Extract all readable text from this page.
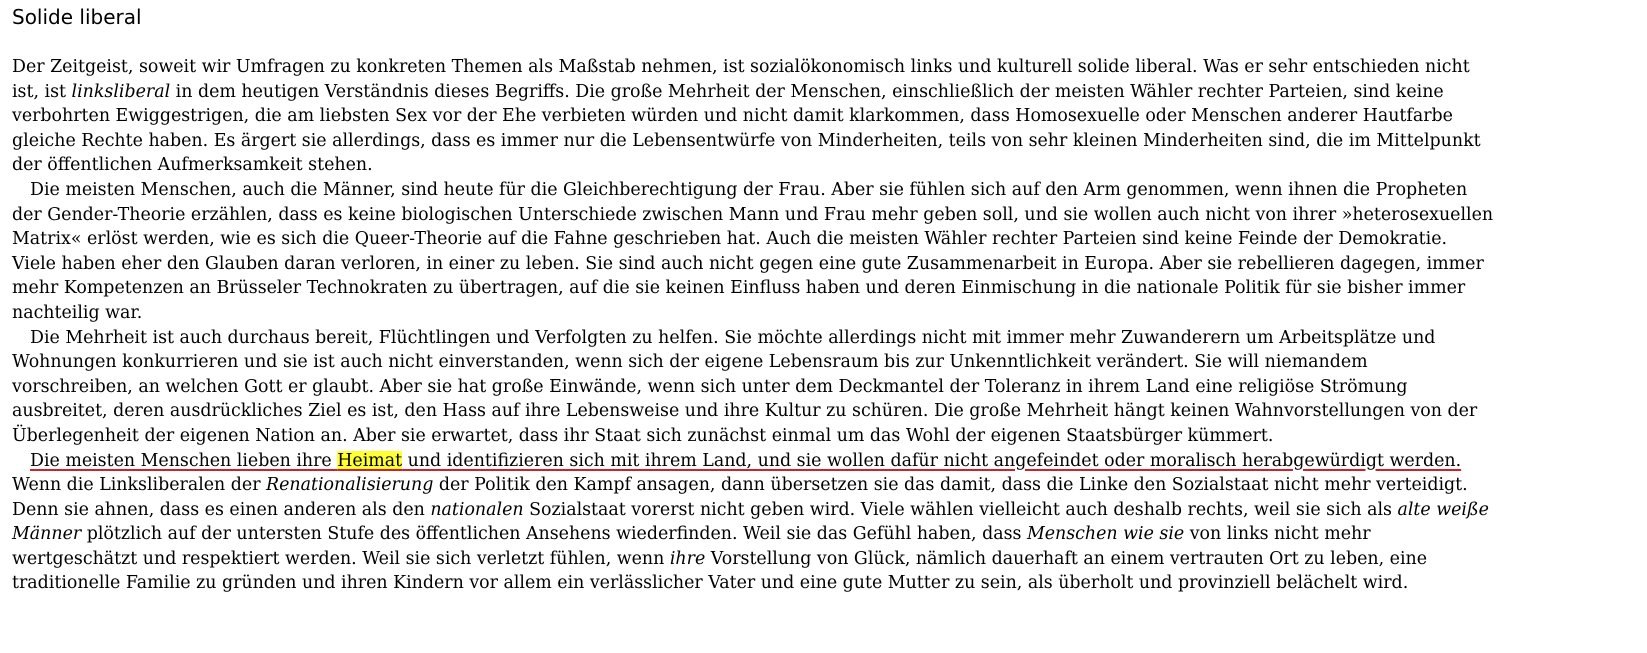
Solide liberal

Der Zeitgeist, soweit wir Umfragen zu konkreten Themen als Maßstab nehmen, ist sozialökonomisch links und kulturell solide liberal. Was er sehr entschieden nicht

ist, ist linksliberal in dem heutigen Verständnis dieses Begriffs. Die große Mehrheit der Menschen, einschließlich der meisten Wähler rechter Parteien, sind keine

verbohrten Ewiggestrigen, die am liebsten Sex vor der Ehe verbieten würden und nicht damit klarkommen, dass Homosexuelle oder Menschen anderer Hautfarbe

gleiche Rechte haben. Es ärgert sie allerdings, dass es immer nur die Lebensentwürfe von Minderheiten, teils von sehr kleinen Minderheiten sind, die im Mittelpunkt

der öffentlichen Aufmerksamkeit stehen.

Die meisten Menschen, auch die Männer, sind heute für die Gleichberechtigung der Frau. Aber sie fühlen sich auf den Arm genommen, wenn ihnen die Propheten

der Gender-Theorie erzählen, dass es keine biologischen Unterschiede zwischen Mann und Frau mehr geben soll, und sie wollen auch nicht von ihrer »heterosexuellen

Matrix« erlöst werden, wie es sich die Queer-Theorie auf die Fahne geschrieben hat. Auch die meisten Wähler rechter Parteien sind keine Feinde der Demokratie.

Viele haben eher den Glauben daran verloren, in einer zu leben. Sie sind auch nicht gegen eine gute Zusammenarbeit in Europa. Aber sie rebellieren dagegen, immer

mehr Kompetenzen an Brüsseler Technokraten zu übertragen, auf die sie keinen Einfluss haben und deren Einmischung in die nationale Politik für sie bisher immer

nachteilig war.

Die Mehrheit ist auch durchaus bereit, Flüchtlingen und Verfolgten zu helfen. Sie möchte allerdings nicht mit immer mehr Zuwanderern um Arbeitsplätze und

Wohnungen konkurrieren und sie ist auch nicht einverstanden, wenn sich der eigene Lebensraum bis zur Unkenntlichkeit verändert. Sie will niemandem

vorschreiben, an welchen Gott er glaubt. Aber sie hat große Einwände, wenn sich unter dem Deckmantel der Toleranz in ihrem Land eine religiöse Strömung

ausbreitet, deren ausdrückliches Ziel es ist, den Hass auf ihre Lebensweise und ihre Kultur zu schüren. Die große Mehrheit hängt keinen Wahnvorstellungen von der

Überlegenheit der eigenen Nation an. Aber sie erwartet, dass ihr Staat sich zunächst einmal um das Wohl der eigenen Staatsbürger kümmert.

Die meisten Menschen lieben ihre Heimat und identifizieren sich mit ihrem Land, und sie wollen dafür nicht angefeindet oder moralisch herabgewürdigt werden.

Wenn die Linksliberalen der Renationalisierung der Politik den Kampf ansagen, dann übersetzen sie das damit, dass die Linke den Sozialstaat nicht mehr verteidigt.

Denn sie ahnen, dass es einen anderen als den nationalen Sozialstaat vorerst nicht geben wird. Viele wählen vielleicht auch deshalb rechts, weil sie sich als alte weiße

Männer plötzlich auf der untersten Stufe des öffentlichen Ansehens wiederfinden. Weil sie das Gefühl haben, dass Menschen wie sie von links nicht mehr

wertgeschätzt und respektiert werden. Weil sie sich verletzt fühlen, wenn ihre Vorstellung von Glück, nämlich dauerhaft an einem vertrauten Ort zu leben, eine

traditionelle Familie zu gründen und ihren Kindern vor allem ein verlässlicher Vater und eine gute Mutter zu sein, als überholt und provinziell belächelt wird.
